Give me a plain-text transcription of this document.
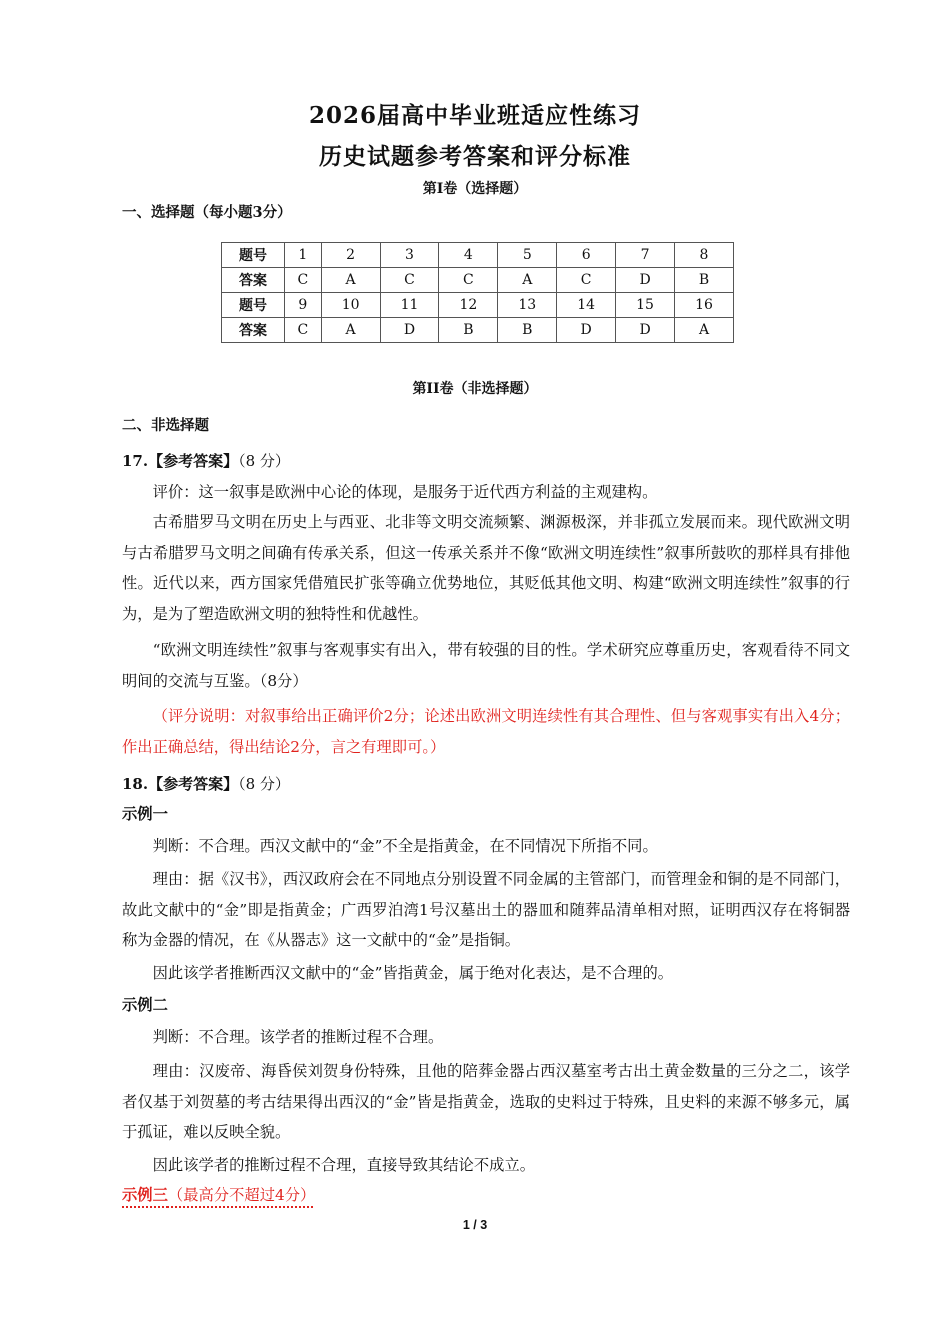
2026届高中毕业班适应性练习
历史试题参考答案和评分标准
第I卷（选择题）
一、选择题（每小题3分）
题号	1	2	3	4	5	6	7	8
答案	C	A	C	C	A	C	D	B
题号	9	10	11	12	13	14	15	16
答案	C	A	D	B	B	D	D	A
第II卷（非选择题）
二、非选择题
17.【参考答案】（8 分）
评价：这一叙事是欧洲中心论的体现，是服务于近代西方利益的主观建构。
古希腊罗马文明在历史上与西亚、北非等文明交流频繁、渊源极深，并非孤立发展而来。现代欧洲文明与古希腊罗马文明之间确有传承关系，但这一传承关系并不像“欧洲文明连续性”叙事所鼓吹的那样具有排他性。近代以来，西方国家凭借殖民扩张等确立优势地位，其贬低其他文明、构建“欧洲文明连续性”叙事的行为，是为了塑造欧洲文明的独特性和优越性。
“欧洲文明连续性”叙事与客观事实有出入，带有较强的目的性。学术研究应尊重历史，客观看待不同文明间的交流与互鉴。（8分）
（评分说明：对叙事给出正确评价2分；论述出欧洲文明连续性有其合理性、但与客观事实有出入4分；作出正确总结，得出结论2分，言之有理即可。）
18.【参考答案】（8 分）
示例一
判断：不合理。西汉文献中的“金”不全是指黄金，在不同情况下所指不同。
理由：据《汉书》，西汉政府会在不同地点分别设置不同金属的主管部门，而管理金和铜的是不同部门，故此文献中的“金”即是指黄金；广西罗泊湾1号汉墓出土的器皿和随葬品清单相对照，证明西汉存在将铜器称为金器的情况，在《从器志》这一文献中的“金”是指铜。
因此该学者推断西汉文献中的“金”皆指黄金，属于绝对化表达，是不合理的。
示例二
判断：不合理。该学者的推断过程不合理。
理由：汉废帝、海昏侯刘贺身份特殊，且他的陪葬金器占西汉墓室考古出土黄金数量的三分之二，该学者仅基于刘贺墓的考古结果得出西汉的“金”皆是指黄金，选取的史料过于特殊，且史料的来源不够多元，属于孤证，难以反映全貌。
因此该学者的推断过程不合理，直接导致其结论不成立。
示例三（最高分不超过4分）
1 / 3
